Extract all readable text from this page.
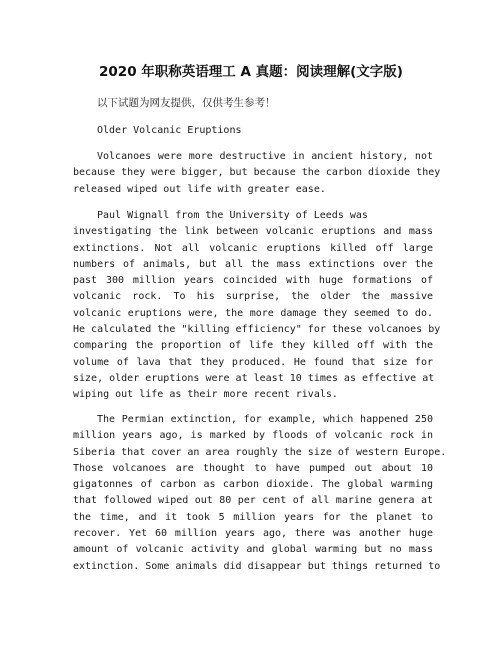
2020 年职称英语理工 A 真题：阅读理解(文字版)
以下试题为网友提供，仅供考生参考！
Older Volcanic Eruptions
Volcanoes were more destructive in ancient history, not
because they were bigger, but because the carbon dioxide they
released wiped out life with greater ease.
Paul Wignall from the University of Leeds was
investigating the link between volcanic eruptions and mass
extinctions. Not all volcanic eruptions killed off large
numbers of animals, but all the mass extinctions over the
past 300 million years coincided with huge formations of
volcanic rock. To his surprise, the older the massive
volcanic eruptions were, the more damage they seemed to do.
He calculated the "killing efficiency" for these volcanoes by
comparing the proportion of life they killed off with the
volume of lava that they produced. He found that size for
size, older eruptions were at least 10 times as effective at
wiping out life as their more recent rivals.
The Permian extinction, for example, which happened 250
million years ago, is marked by floods of volcanic rock in
Siberia that cover an area roughly the size of western Europe.
Those volcanoes are thought to have pumped out about 10
gigatonnes of carbon as carbon dioxide. The global warming
that followed wiped out 80 per cent of all marine genera at
the time, and it took 5 million years for the planet to
recover. Yet 60 million years ago, there was another huge
amount of volcanic activity and global warming but no mass
extinction. Some animals did disappear but things returned to
